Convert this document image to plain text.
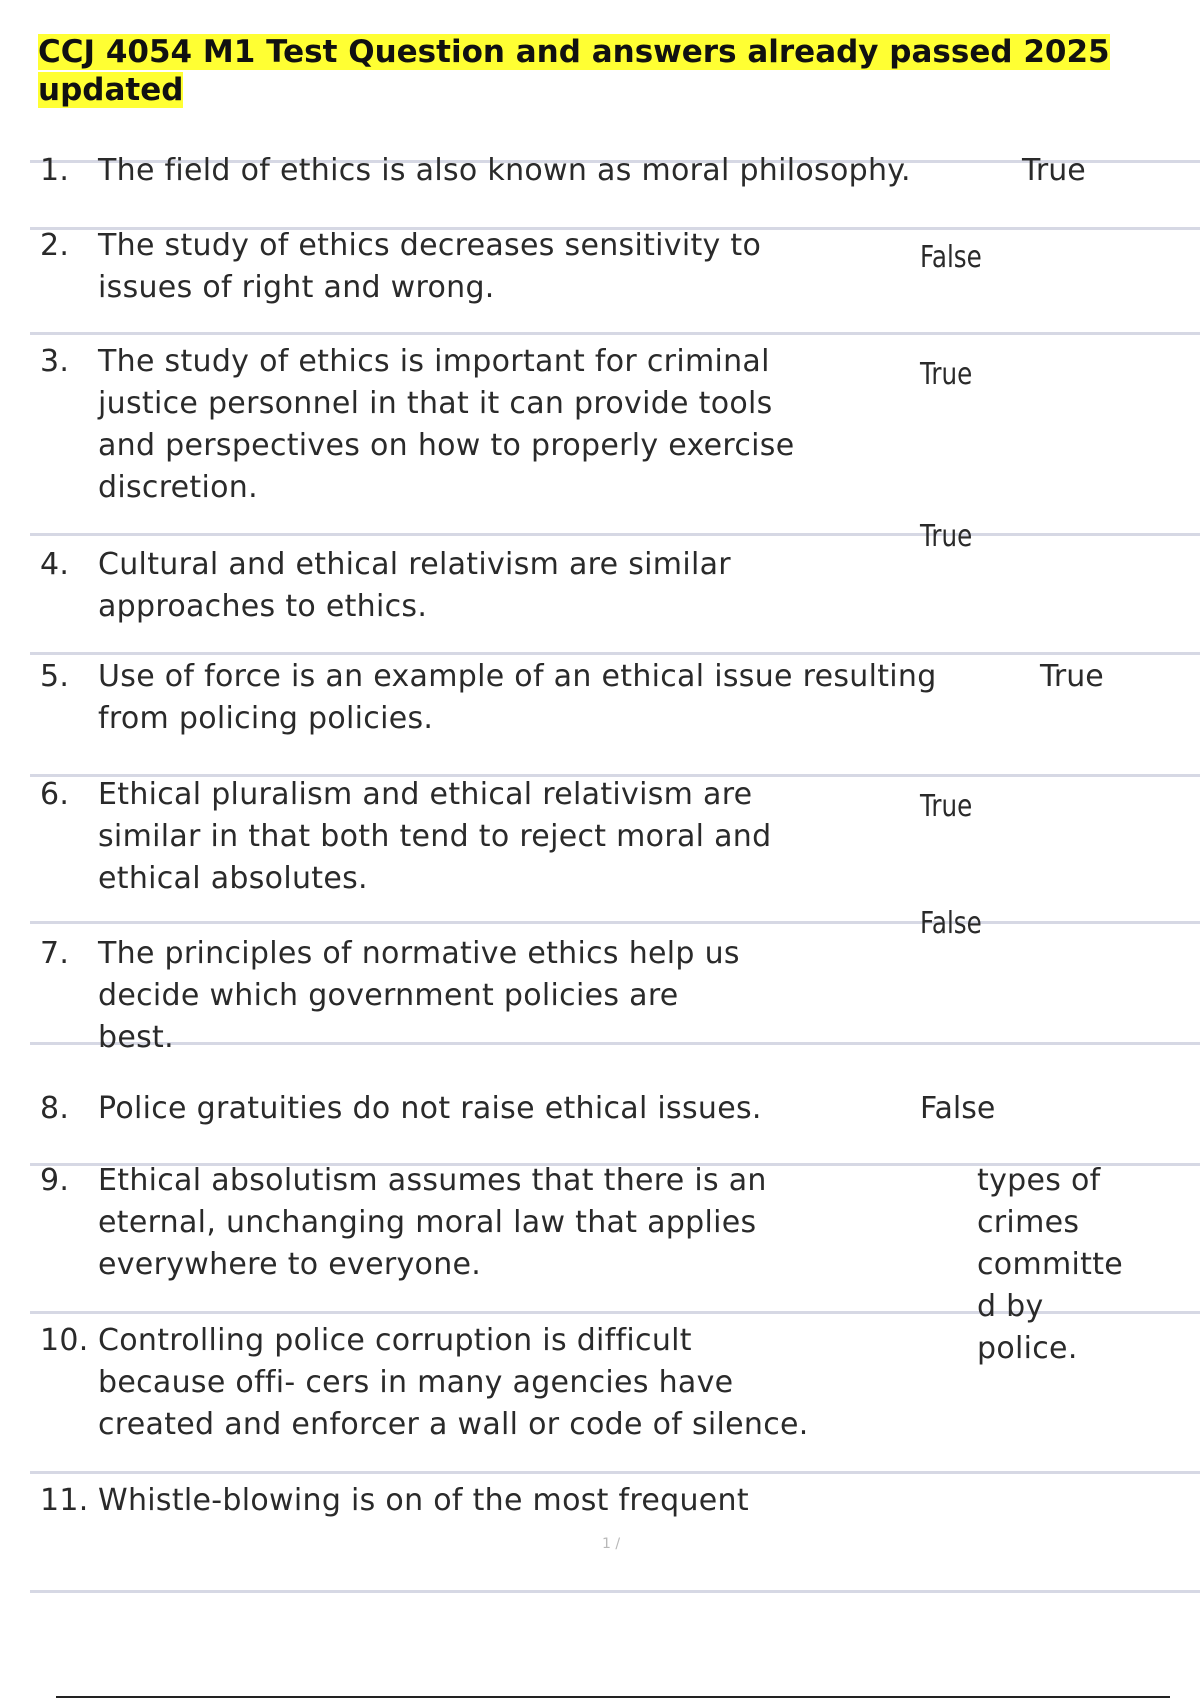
CCJ 4054 M1 Test Question and answers already passed 2025 updated
1. The field of ethics is also known as moral philosophy.	True
2. The study of ethics decreases sensitivity to
issues of right and wrong.
False
3. The study of ethics is important for criminal
justice personnel in that it can provide tools
and perspectives on how to properly exercise
discretion.
True
4. Cultural and ethical relativism are similar
approaches to ethics.
True
5. Use of force is an example of an ethical issue resulting
from policing policies.
True
6. Ethical pluralism and ethical relativism are
similar in that both tend to reject moral and
ethical absolutes.
True
7. The principles of normative ethics help us
decide which government policies are
best.
False
8. Police gratuities do not raise ethical issues.	False
9. Ethical absolutism assumes that there is an
eternal, unchanging moral law that applies
everywhere to everyone.
10. Controlling police corruption is difficult
because offi- cers in many agencies have
created and enforcer a wall or code of silence.
11. Whistle-blowing is on of the most frequent
types of
crimes
committe
d by
police.
1 /
